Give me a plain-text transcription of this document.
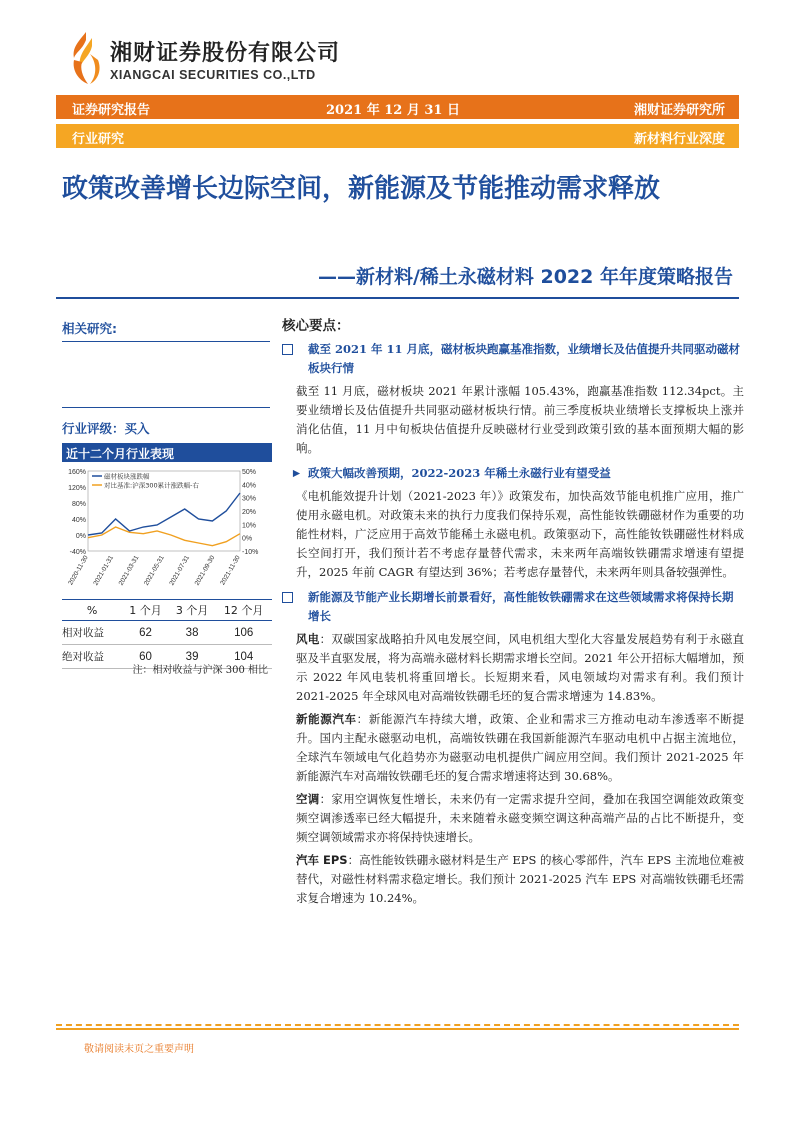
湘财证券股份有限公司
XIANGCAI SECURITIES CO.,LTD
证券研究报告	2021 年 12 月 31 日	湘财证券研究所
行业研究	新材料行业深度
政策改善增长边际空间，新能源及节能推动需求释放
——新材料/稀土永磁材料 2022 年年度策略报告
相关研究:
行业评级：买入
近十二个月行业表现
160%
120%
80%
40%
0%
-40%
50%
40%
30%
20%
10%
0%
-10%
2020-11-30 2021-01-31 2021-03-31 2021-05-31 2021-07-31 2021-09-30 2021-11-30
磁材板块涨跌幅
对比基准:沪深300累计涨跌幅-右
%	1 个月	3 个月	12 个月
相对收益	62	38	106
绝对收益	60	39	104
注：相对收益与沪深 300 相比
核心要点：
截至 2021 年 11 月底，磁材板块跑赢基准指数，业绩增长及估值提升共同驱动磁材板块行情
截至 11 月底，磁材板块 2021 年累计涨幅 105.43%，跑赢基准指数 112.34pct。主要业绩增长及估值提升共同驱动磁材板块行情。前三季度板块业绩增长支撑板块上涨并消化估值，11 月中旬板块估值提升反映磁材行业受到政策引致的基本面预期大幅的影响。
政策大幅改善预期，2022-2023 年稀土永磁行业有望受益
《电机能效提升计划（2021-2023 年）》政策发布，加快高效节能电机推广应用，推广使用永磁电机。对政策未来的执行力度我们保持乐观，高性能钕铁硼磁材作为重要的功能性材料，广泛应用于高效节能稀土永磁电机。政策驱动下，高性能钕铁硼磁性材料成长空间打开，我们预计若不考虑存量替代需求，未来两年高端钕铁硼需求增速有望提升，2025 年前 CAGR 有望达到 36%；若考虑存量替代，未来两年则具备较强弹性。
新能源及节能产业长期增长前景看好，高性能钕铁硼需求在这些领域需求将保持长期增长
风电：双碳国家战略拍升风电发展空间，风电机组大型化大容量发展趋势有利于永磁直驱及半直驱发展，将为高端永磁材料长期需求增长空间。2021 年公开招标大幅增加，预示 2022 年风电装机将重回增长。长短期来看，风电领域均对需求有利。我们预计 2021-2025 年全球风电对高端钕铁硼毛坯的复合需求增速为 14.83%。
新能源汽车：新能源汽车持续大增，政策、企业和需求三方推动电动车渗透率不断提升。国内主配永磁驱动电机，高端钕铁硼在我国新能源汽车驱动电机中占据主流地位，全球汽车领域电气化趋势亦为磁驱动电机提供广阔应用空间。我们预计 2021-2025 年新能源汽车对高端钕铁硼毛坯的复合需求增速将达到 30.68%。
空调：家用空调恢复性增长，未来仍有一定需求提升空间，叠加在我国空调能效政策变频空调渗透率已经大幅提升，未来随着永磁变频空调这种高端产品的占比不断提升，变频空调领域需求亦将保持快速增长。
汽车 EPS：高性能钕铁硼永磁材料是生产 EPS 的核心零部件，汽车 EPS 主流地位难被替代，对磁性材料需求稳定增长。我们预计 2021-2025 汽车 EPS 对高端钕铁硼毛坯需求复合增速为 10.24%。
敬请阅读末页之重要声明
